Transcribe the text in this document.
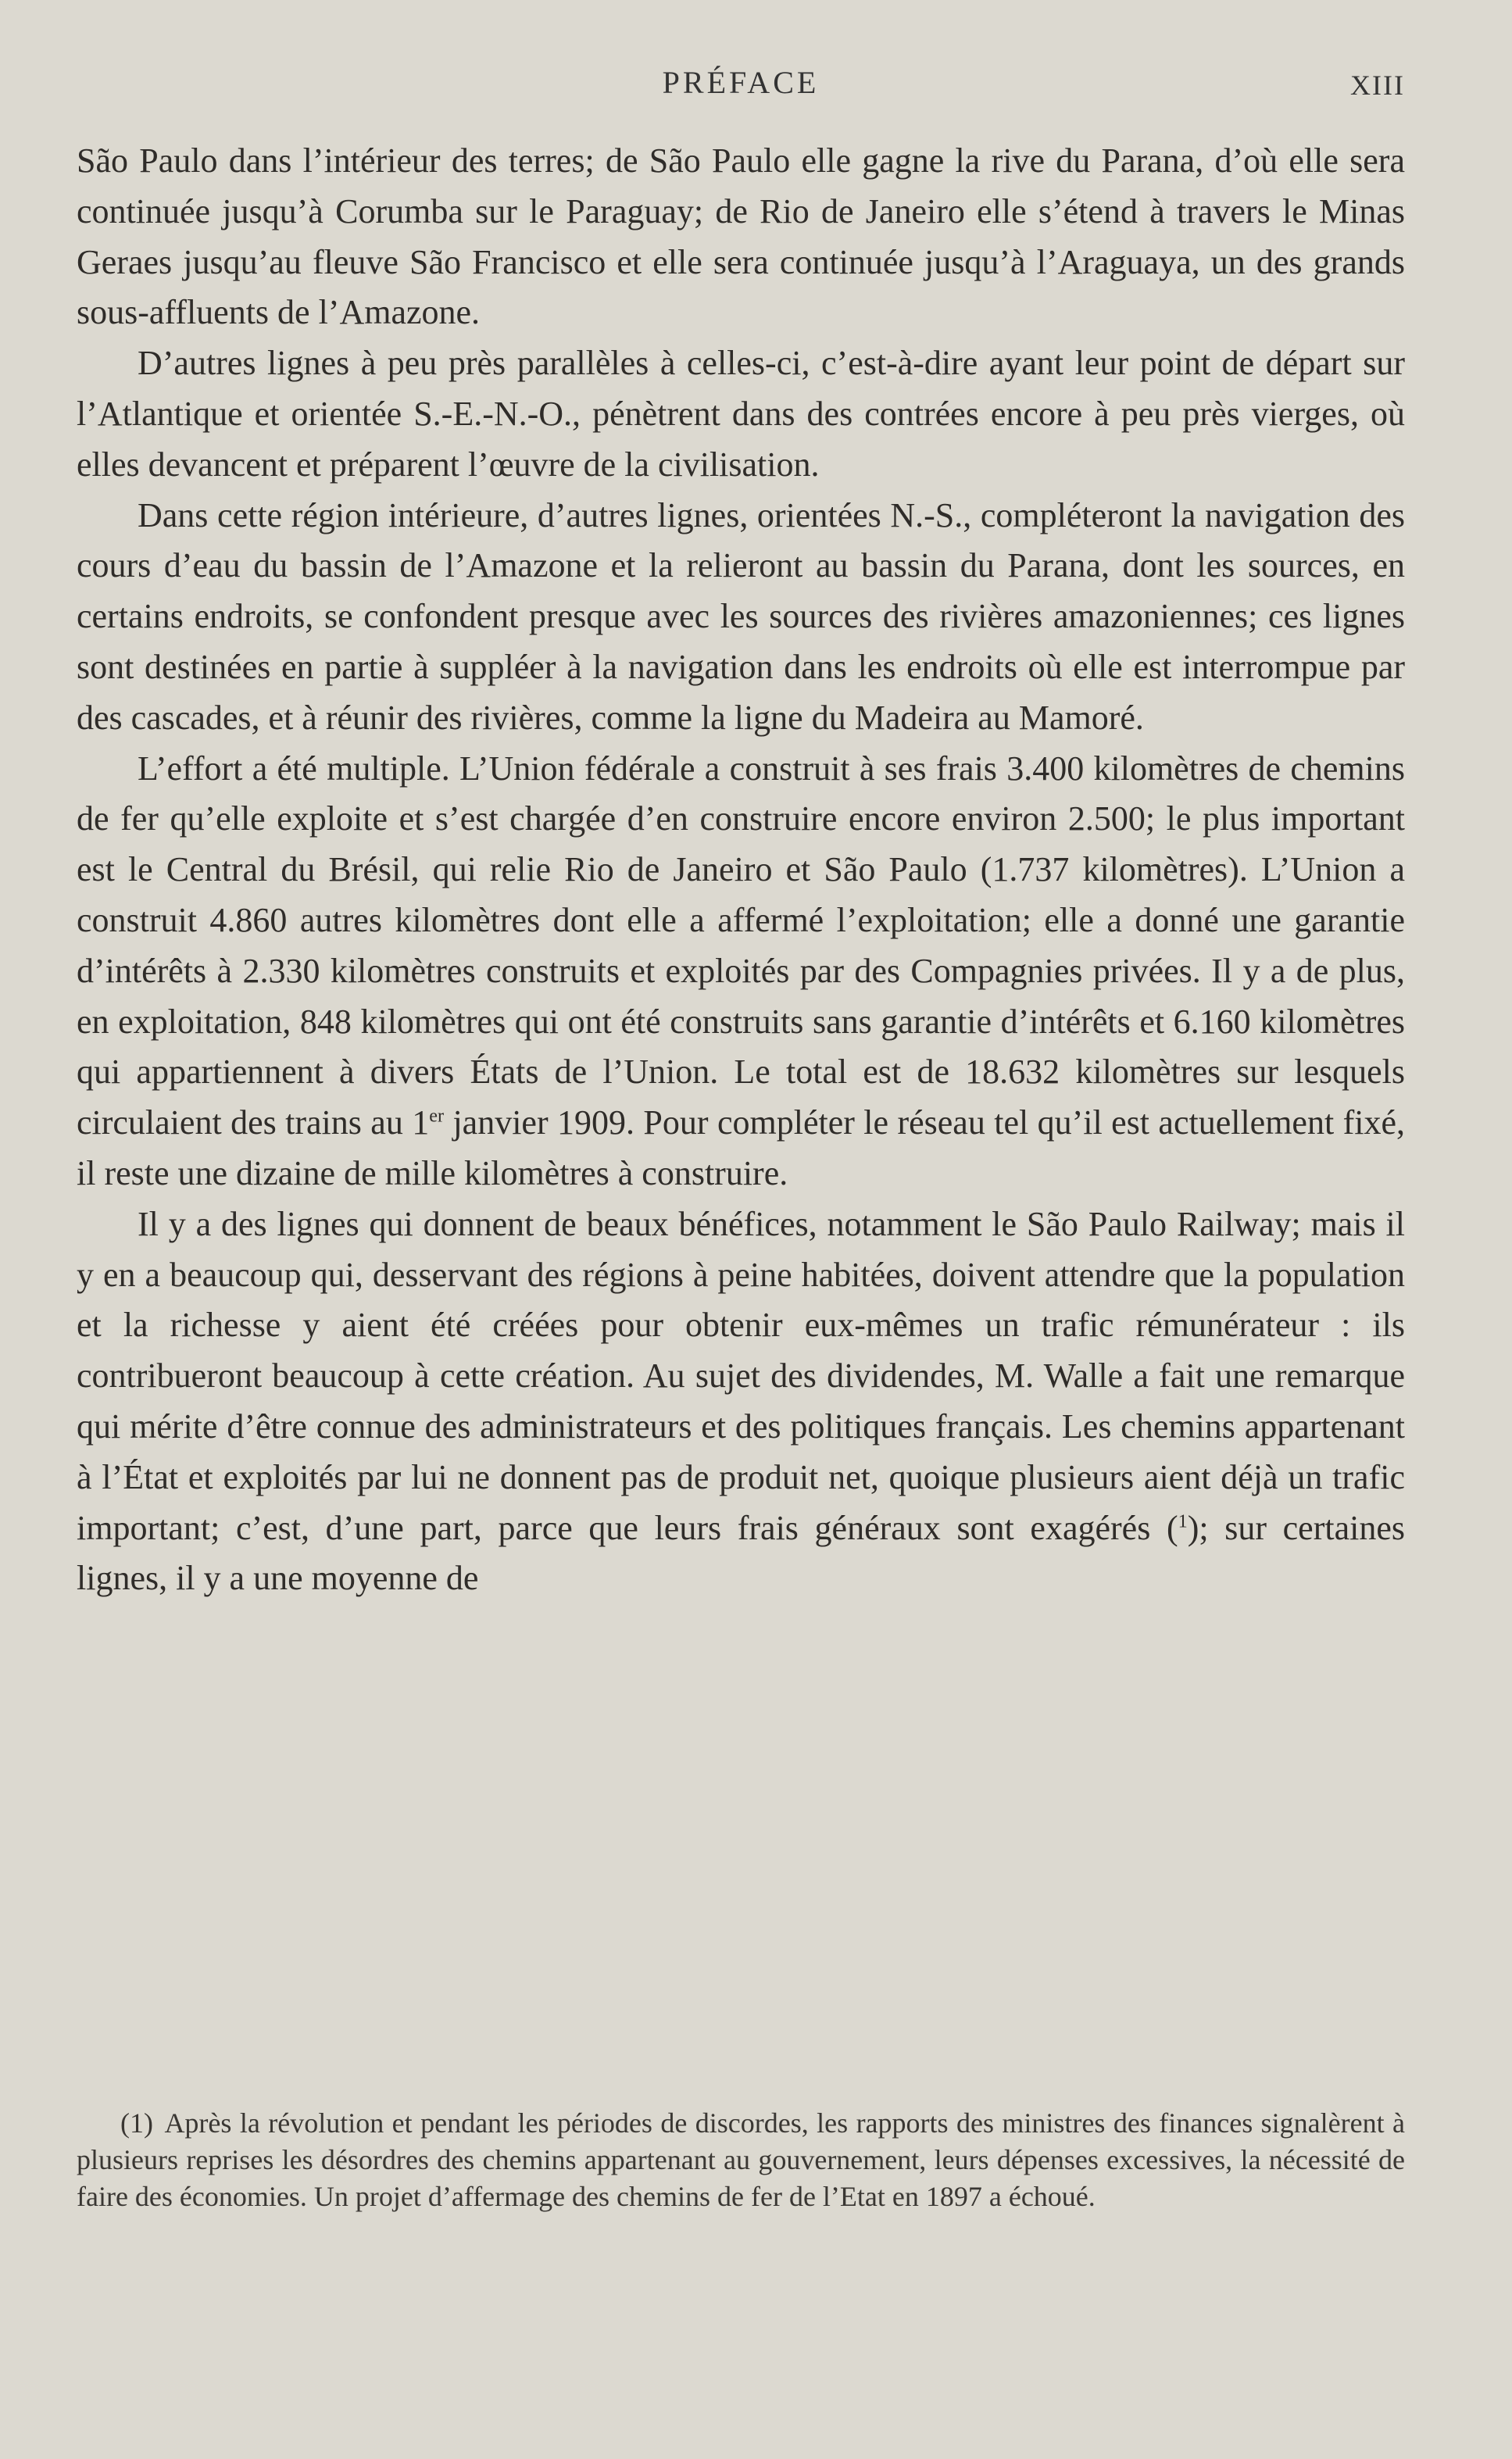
PRÉFACE	XIII

São Paulo dans l’intérieur des terres; de São Paulo elle gagne la rive du Parana, d’où elle sera continuée jusqu’à Corumba sur le Paraguay; de Rio de Janeiro elle s’étend à travers le Minas Geraes jusqu’au fleuve São Francisco et elle sera continuée jusqu’à l’Araguaya, un des grands sous-affluents de l’Amazone.

D’autres lignes à peu près parallèles à celles-ci, c’est-à-dire ayant leur point de départ sur l’Atlantique et orientée S.-E.-N.-O., pénètrent dans des contrées encore à peu près vierges, où elles devancent et préparent l’œuvre de la civilisation.

Dans cette région intérieure, d’autres lignes, orientées N.-S., compléteront la navigation des cours d’eau du bassin de l’Amazone et la relieront au bassin du Parana, dont les sources, en certains endroits, se confondent presque avec les sources des rivières amazoniennes; ces lignes sont destinées en partie à suppléer à la navigation dans les endroits où elle est interrompue par des cascades, et à réunir des rivières, comme la ligne du Madeira au Mamoré.

L’effort a été multiple. L’Union fédérale a construit à ses frais 3.400 kilomètres de chemins de fer qu’elle exploite et s’est chargée d’en construire encore environ 2.500; le plus important est le Central du Brésil, qui relie Rio de Janeiro et São Paulo (1.737 kilomètres). L’Union a construit 4.860 autres kilomètres dont elle a affermé l’exploitation; elle a donné une garantie d’intérêts à 2.330 kilomètres construits et exploités par des Compagnies privées. Il y a de plus, en exploitation, 848 kilomètres qui ont été construits sans garantie d’intérêts et 6.160 kilomètres qui appartiennent à divers États de l’Union. Le total est de 18.632 kilomètres sur lesquels circulaient des trains au 1er janvier 1909. Pour compléter le réseau tel qu’il est actuellement fixé, il reste une dizaine de mille kilomètres à construire.

Il y a des lignes qui donnent de beaux bénéfices, notamment le São Paulo Railway; mais il y en a beaucoup qui, desservant des régions à peine habitées, doivent attendre que la population et la richesse y aient été créées pour obtenir eux-mêmes un trafic rémunérateur : ils contribueront beaucoup à cette création. Au sujet des dividendes, M. Walle a fait une remarque qui mérite d’être connue des administrateurs et des politiques français. Les chemins appartenant à l’État et exploités par lui ne donnent pas de produit net, quoique plusieurs aient déjà un trafic important; c’est, d’une part, parce que leurs frais généraux sont exagérés ($^1$); sur certaines lignes, il y a une moyenne de

(1) Après la révolution et pendant les périodes de discordes, les rapports des ministres des finances signalèrent à plusieurs reprises les désordres des chemins appartenant au gouvernement, leurs dépenses excessives, la nécessité de faire des économies. Un projet d’affermage des chemins de fer de l’Etat en 1897 a échoué.
